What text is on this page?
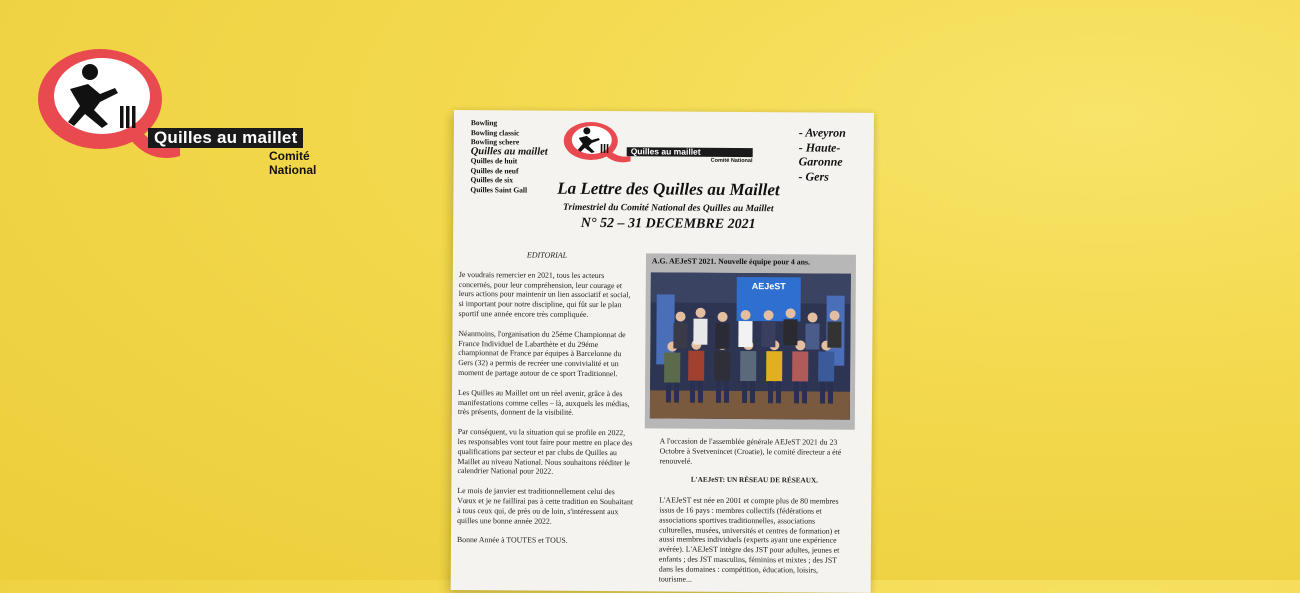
Quilles au maillet
Comité National
Bowling
Bowling classic
Bowling schere
Quilles au maillet
Quilles de huit
Quilles de neuf
Quilles de six
Quilles Saint Gall
Quilles au maillet
Comité National
- Aveyron
- Haute-
Garonne
- Gers
La Lettre des Quilles au Maillet
Trimestriel du Comité National des Quilles au Maillet
N° 52 – 31 DECEMBRE 2021
EDITORIAL

Je voudrais remercier en 2021, tous les acteurs concernés, pour leur compréhension, leur courage et leurs actions pour maintenir un lien associatif et social, si important pour notre discipline, qui fût sur le plan sportif une année encore très compliquée.

Néanmoins, l'organisation du 25éme Championnat de France Individuel de Labarthète et du 29éme championnat de France par équipes à Barcelonne du Gers (32) a permis de recréer une convivialité et un moment de partage autour de ce sport Traditionnel.

Les Quilles au Maillet ont un réel avenir, grâce à des manifestations comme celles – là, auxquels les médias, très présents, donnent de la visibilité.

Par conséquent, vu la situation qui se profile en 2022, les responsables vont tout faire pour mettre en place des qualifications par secteur et par clubs de Quilles au Maillet au niveau National. Nous souhaitons rééditer le calendrier National pour 2022.

Le mois de janvier est traditionnellement celui des Vœux et je ne faillirai pas à cette tradition en Souhaitant à tous ceux qui, de près ou de loin, s'intéressent aux quilles une bonne année 2022.

Bonne Année à TOUTES et TOUS.

A.G. AEJeST 2021. Nouvelle équipe pour 4 ans.
AEJeST

A l'occasion de l'assemblée générale AEJeST 2021 du 23 Octobre à Svetvenincet (Croatie), le comité directeur a été renouvelé.

L'AEJeST: UN RÉSEAU DE RÉSEAUX.

L'AEJeST est née en 2001 et compte plus de 80 membres issus de 16 pays : membres collectifs (fédérations et associations sportives traditionnelles, associations culturelles, musées, universités et centres de formation) et aussi membres individuels (experts ayant une expérience avérée). L'AEJeST intègre des JST pour adultes, jeunes et enfants ; des JST masculins, féminins et mixtes ; des JST dans les domaines : compétition, éducation, loisirs, tourisme...
